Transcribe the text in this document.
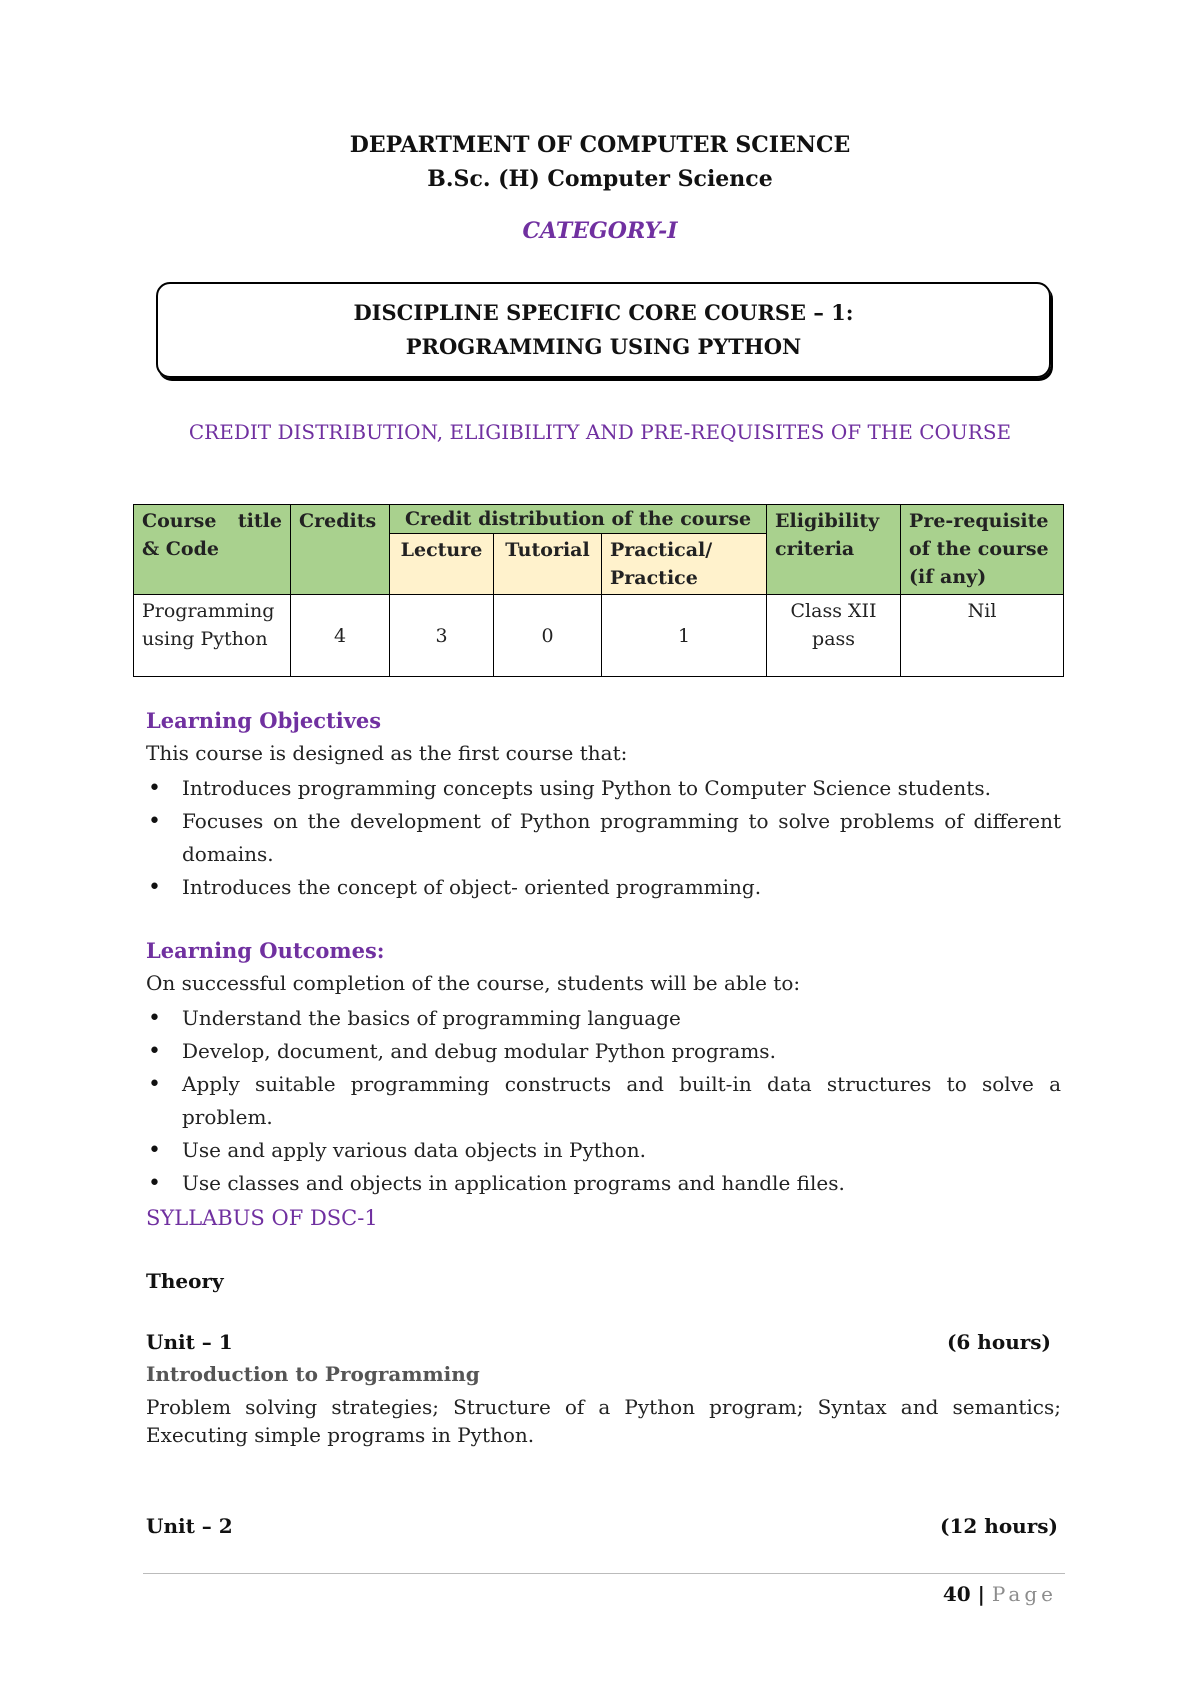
DEPARTMENT OF COMPUTER SCIENCE
B.Sc. (H) Computer Science
CATEGORY-I
DISCIPLINE SPECIFIC CORE COURSE – 1:
PROGRAMMING USING PYTHON
CREDIT DISTRIBUTION, ELIGIBILITY AND PRE-REQUISITES OF THE COURSE
Course title & Code	Credits	Credit distribution of the course			Eligibility criteria	Pre-requisite of the course (if any)
		Lecture	Tutorial	Practical/ Practice		
Programming using Python	4	3	0	1	Class XII pass	Nil
Learning Objectives
This course is designed as the first course that:
• Introduces programming concepts using Python to Computer Science students.
• Focuses on the development of Python programming to solve problems of different domains.
• Introduces the concept of object- oriented programming.
Learning Outcomes:
On successful completion of the course, students will be able to:
• Understand the basics of programming language
• Develop, document, and debug modular Python programs.
• Apply suitable programming constructs and built-in data structures to solve a problem.
• Use and apply various data objects in Python.
• Use classes and objects in application programs and handle files.
SYLLABUS OF DSC-1
Theory
Unit – 1	(6 hours)
Introduction to Programming
Problem solving strategies; Structure of a Python program; Syntax and semantics; Executing simple programs in Python.
Unit – 2	(12 hours)
40 | Page
